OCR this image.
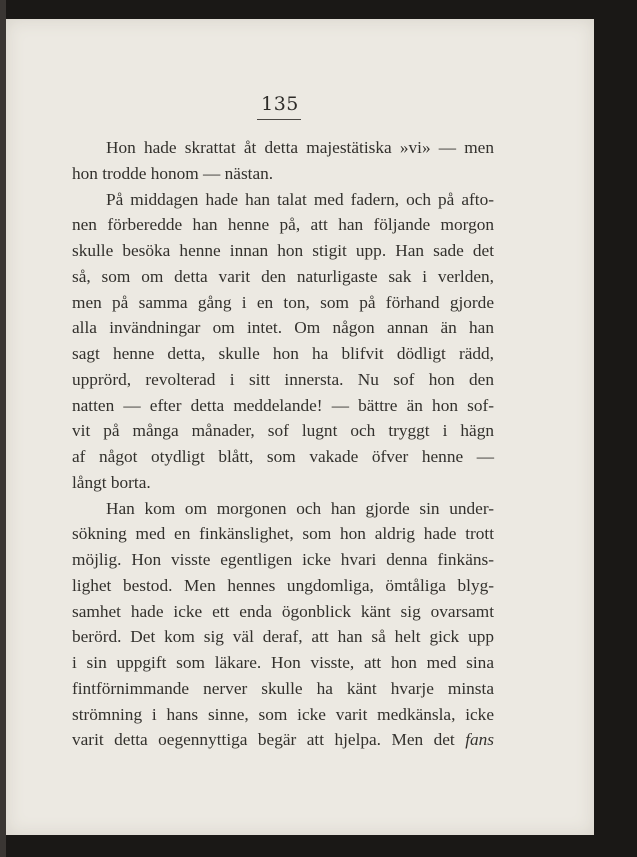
135
Hon hade skrattat åt detta majestätiska »vi» — men
hon trodde honom — nästan.
På middagen hade han talat med fadern, och på afto-
nen förberedde han henne på, att han följande morgon
skulle besöka henne innan hon stigit upp. Han sade det
så, som om detta varit den naturligaste sak i verlden,
men på samma gång i en ton, som på förhand gjorde
alla invändningar om intet. Om någon annan än han
sagt henne detta, skulle hon ha blifvit dödligt rädd,
upprörd, revolterad i sitt innersta. Nu sof hon den
natten — efter detta meddelande! — bättre än hon sof-
vit på många månader, sof lugnt och tryggt i hägn
af något otydligt blått, som vakade öfver henne —
långt borta.
Han kom om morgonen och han gjorde sin under-
sökning med en finkänslighet, som hon aldrig hade trott
möjlig. Hon visste egentligen icke hvari denna finkäns-
lighet bestod. Men hennes ungdomliga, ömtåliga blyg-
samhet hade icke ett enda ögonblick känt sig ovarsamt
berörd. Det kom sig väl deraf, att han så helt gick upp
i sin uppgift som läkare. Hon visste, att hon med sina
fintförnimmande nerver skulle ha känt hvarje minsta
strömning i hans sinne, som icke varit medkänsla, icke
varit detta oegennyttiga begär att hjelpa. Men det fans
